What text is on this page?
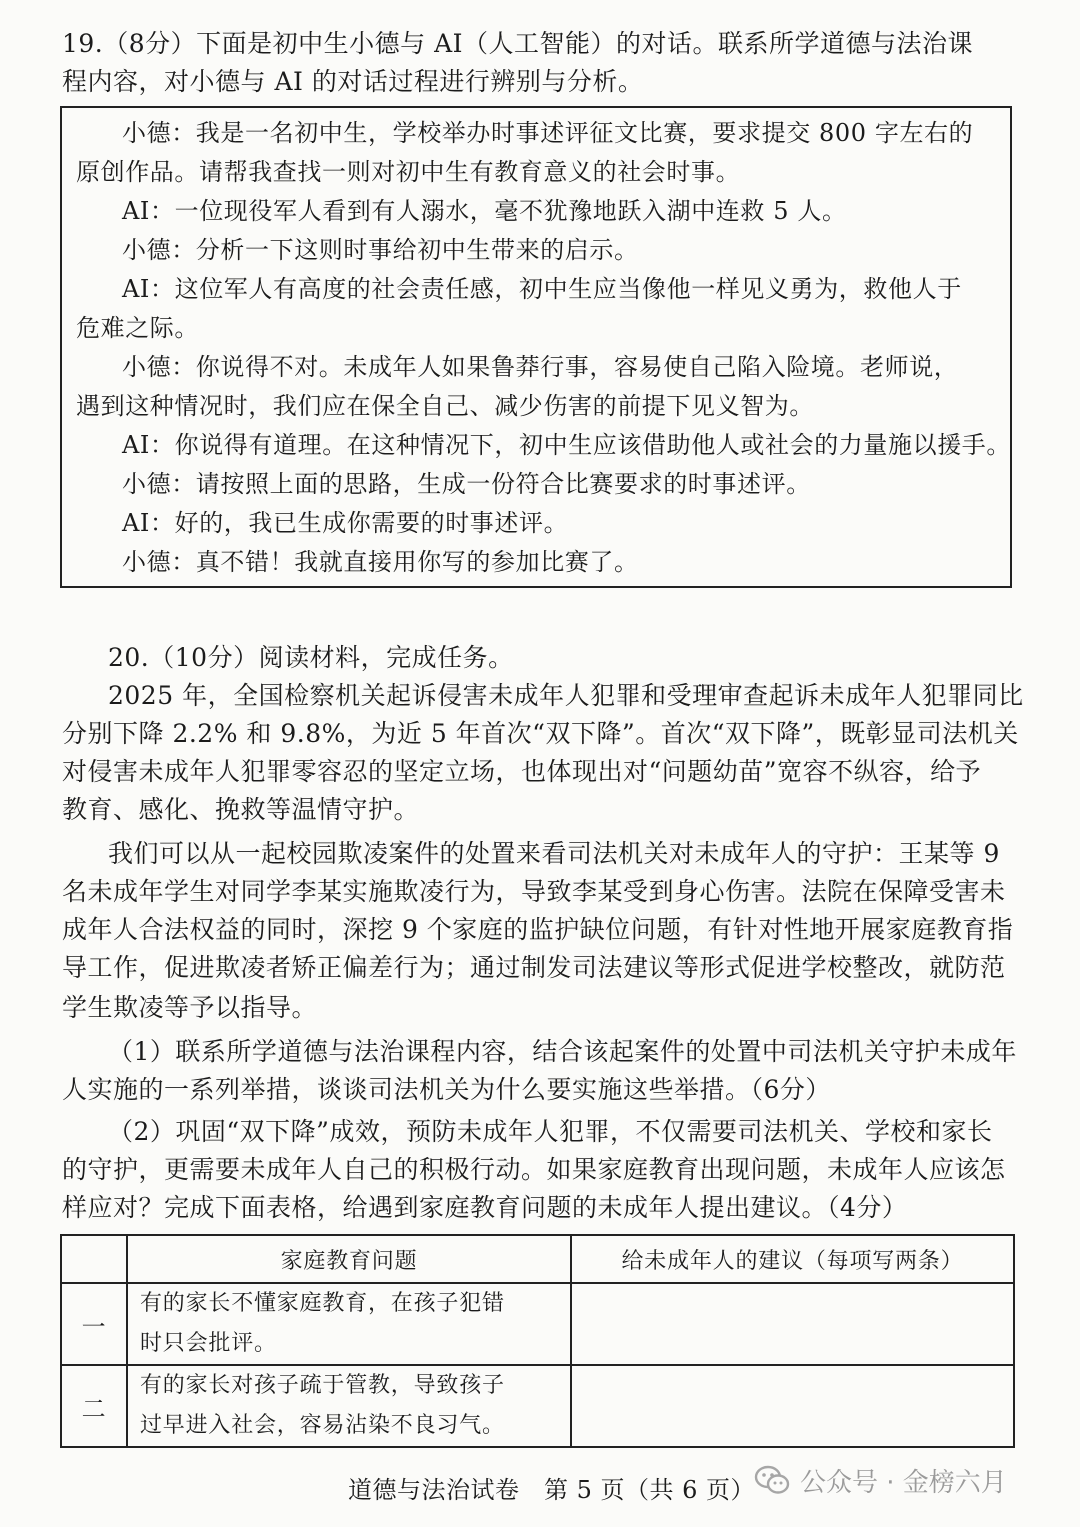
19.（8分）下面是初中生小德与 AI（人工智能）的对话。联系所学道德与法治课
程内容，对小德与 AI 的对话过程进行辨别与分析。
小德：我是一名初中生，学校举办时事述评征文比赛，要求提交 800 字左右的
原创作品。请帮我查找一则对初中生有教育意义的社会时事。
AI：一位现役军人看到有人溺水，毫不犹豫地跃入湖中连救 5 人。
小德：分析一下这则时事给初中生带来的启示。
AI：这位军人有高度的社会责任感，初中生应当像他一样见义勇为，救他人于
危难之际。
小德：你说得不对。未成年人如果鲁莽行事，容易使自己陷入险境。老师说，
遇到这种情况时，我们应在保全自己、减少伤害的前提下见义智为。
AI：你说得有道理。在这种情况下，初中生应该借助他人或社会的力量施以援手。
小德：请按照上面的思路，生成一份符合比赛要求的时事述评。
AI：好的，我已生成你需要的时事述评。
小德：真不错！我就直接用你写的参加比赛了。
20.（10分）阅读材料，完成任务。
2025 年，全国检察机关起诉侵害未成年人犯罪和受理审查起诉未成年人犯罪同比
分别下降 2.2% 和 9.8%，为近 5 年首次“双下降”。首次“双下降”，既彰显司法机关
对侵害未成年人犯罪零容忍的坚定立场，也体现出对“问题幼苗”宽容不纵容，给予
教育、感化、挽救等温情守护。
我们可以从一起校园欺凌案件的处置来看司法机关对未成年人的守护：王某等 9
名未成年学生对同学李某实施欺凌行为，导致李某受到身心伤害。法院在保障受害未
成年人合法权益的同时，深挖 9 个家庭的监护缺位问题，有针对性地开展家庭教育指
导工作，促进欺凌者矫正偏差行为；通过制发司法建议等形式促进学校整改，就防范
学生欺凌等予以指导。
（1）联系所学道德与法治课程内容，结合该起案件的处置中司法机关守护未成年
人实施的一系列举措，谈谈司法机关为什么要实施这些举措。（6分）
（2）巩固“双下降”成效，预防未成年人犯罪，不仅需要司法机关、学校和家长
的守护，更需要未成年人自己的积极行动。如果家庭教育出现问题，未成年人应该怎
样应对？完成下面表格，给遇到家庭教育问题的未成年人提出建议。（4分）
	家庭教育问题	给未成年人的建议（每项写两条）
一	有的家长不懂家庭教育，在孩子犯错
时只会批评。	

二	有的家长对孩子疏于管教，导致孩子
过早进入社会，容易沾染不良习气。	

道德与法治试卷　第 5 页（共 6 页） 公众号 · 金榜六月
